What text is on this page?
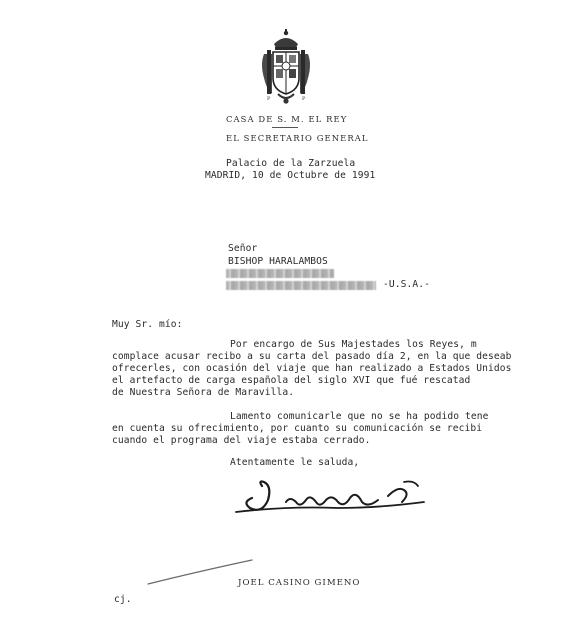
P	P
CASA DE S. M. EL REY
EL SECRETARIO GENERAL
Palacio de la Zarzuela
MADRID, 10 de Octubre de 1991
Señor
BISHOP HARALAMBOS
-U.S.A.-
Muy Sr. mío:
Por encargo de Sus Majestades los Reyes, m
complace acusar recibo a su carta del pasado día 2, en la que deseab
ofrecerles, con ocasión del viaje que han realizado a Estados Unidos
el artefacto de carga española del siglo XVI que fué rescatad
de Nuestra Señora de Maravilla.
Lamento comunicarle que no se ha podido tene
en cuenta su ofrecimiento, por cuanto su comunicación se recibi
cuando el programa del viaje estaba cerrado.
Atentamente le saluda,
JOEL CASINO GIMENO
cj.
